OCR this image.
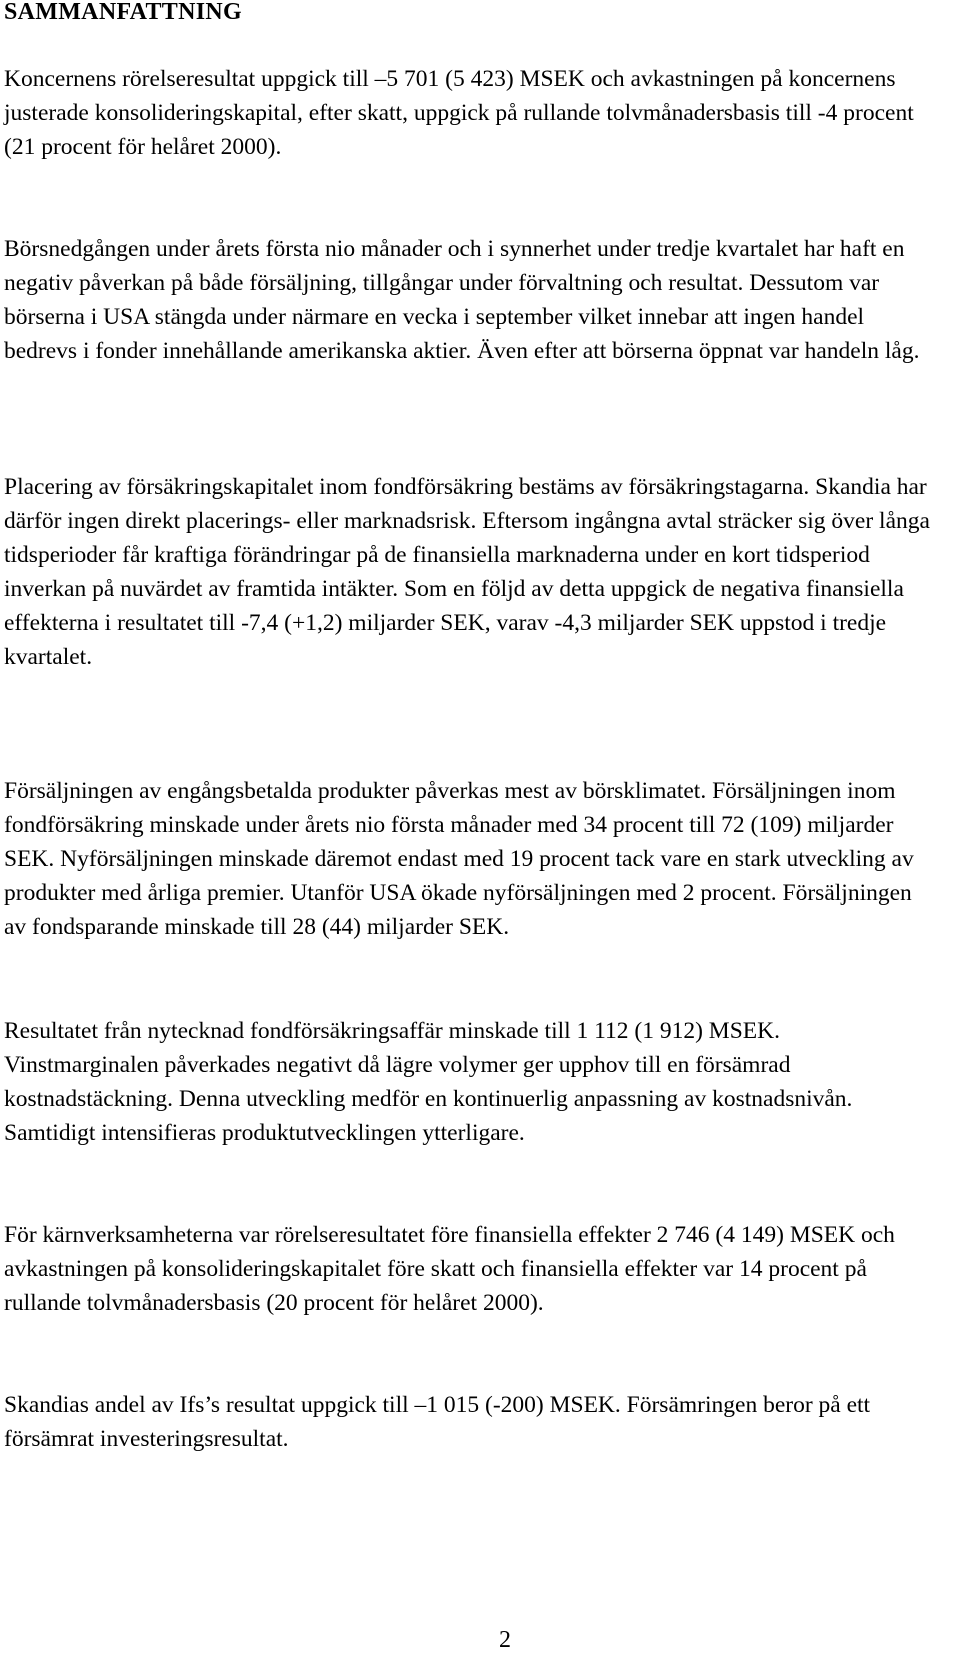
SAMMANFATTNING

Koncernens rörelseresultat uppgick till –5 701 (5 423) MSEK och avkastningen på koncernens justerade konsolideringskapital, efter skatt, uppgick på rullande tolvmånadersbasis till -4 procent (21 procent för helåret 2000).

Börsnedgången under årets första nio månader och i synnerhet under tredje kvartalet har haft en negativ påverkan på både försäljning, tillgångar under förvaltning och resultat. Dessutom var börserna i USA stängda under närmare en vecka i september vilket innebar att ingen handel bedrevs i fonder innehållande amerikanska aktier. Även efter att börserna öppnat var handeln låg.

Placering av försäkringskapitalet inom fondförsäkring bestäms av försäkringstagarna. Skandia har därför ingen direkt placerings- eller marknadsrisk. Eftersom ingångna avtal sträcker sig över långa tidsperioder får kraftiga förändringar på de finansiella marknaderna under en kort tidsperiod inverkan på nuvärdet av framtida intäkter. Som en följd av detta uppgick de negativa finansiella effekterna i resultatet till -7,4 (+1,2) miljarder SEK, varav -4,3 miljarder SEK uppstod i tredje kvartalet.

Försäljningen av engångsbetalda produkter påverkas mest av börsklimatet. Försäljningen inom fondförsäkring minskade under årets nio första månader med 34 procent till 72 (109) miljarder SEK. Nyförsäljningen minskade däremot endast med 19 procent tack vare en stark utveckling av produkter med årliga premier. Utanför USA ökade nyförsäljningen med 2 procent. Försäljningen av fondsparande minskade till 28 (44) miljarder SEK.

Resultatet från nytecknad fondförsäkringsaffär minskade till 1 112 (1 912) MSEK. Vinstmarginalen påverkades negativt då lägre volymer ger upphov till en försämrad kostnadstäckning. Denna utveckling medför en kontinuerlig anpassning av kostnadsnivån. Samtidigt intensifieras produktutvecklingen ytterligare.

För kärnverksamheterna var rörelseresultatet före finansiella effekter 2 746 (4 149) MSEK och avkastningen på konsolideringskapitalet före skatt och finansiella effekter var 14 procent på rullande tolvmånadersbasis (20 procent för helåret 2000).

Skandias andel av Ifs’s resultat uppgick till –1 015 (-200) MSEK. Försämringen beror på ett försämrat investeringsresultat.

2
